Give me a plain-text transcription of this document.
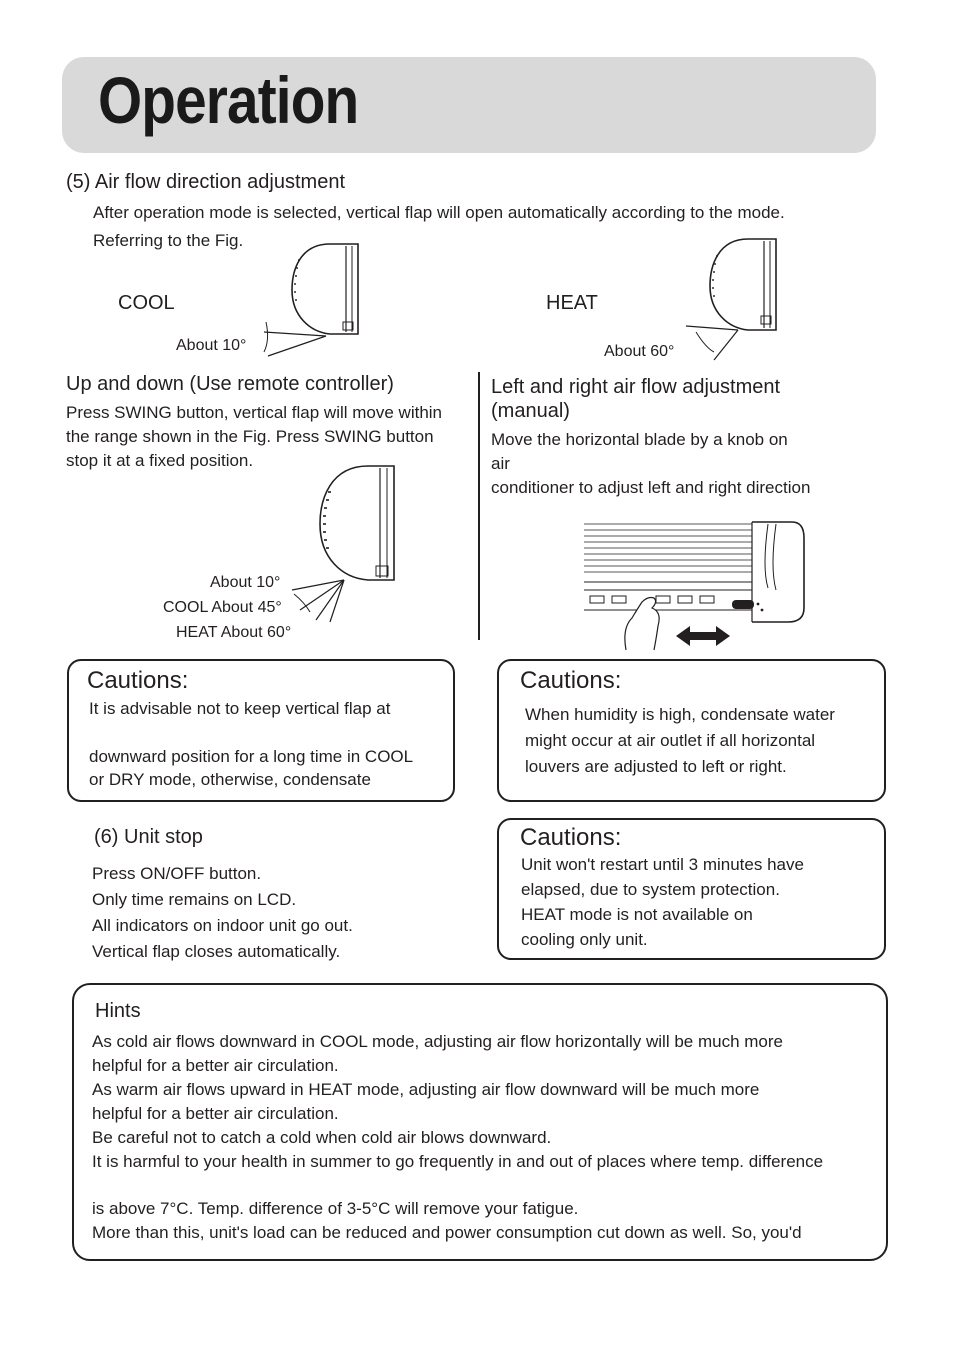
Operation
(5) Air flow direction adjustment
After operation mode is selected, vertical flap will open automatically according to the mode.
Referring to the Fig.
COOL
About 10°
HEAT
About 60°
Up and down (Use remote controller)
Press SWING button, vertical flap will move within
the range shown in the Fig. Press SWING button
stop it at a fixed position.
About 10°
COOL About 45°
HEAT About 60°
Left and right air flow adjustment
(manual)
Move the horizontal blade by a knob on
air
conditioner to adjust left and right direction
Cautions:
It is advisable not to keep vertical flap at
downward position for a long time in COOL
or DRY mode, otherwise, condensate
Cautions:
When humidity is high, condensate water
might occur at air outlet if all horizontal
louvers are adjusted to left or right.
(6) Unit stop
Press ON/OFF button.
Only time remains on LCD.
All indicators on indoor unit go out.
Vertical flap closes automatically.
Cautions:
Unit won't restart until 3 minutes have
elapsed, due to system protection.
HEAT mode is not available on
cooling only unit.
Hints
As cold air flows downward in COOL mode, adjusting air flow horizontally will be much more
helpful for a better air circulation.
As warm air flows upward in HEAT mode, adjusting air flow downward will be much more
helpful for a better air circulation.
Be careful not to catch a cold when cold air blows downward.
It is harmful to your health in summer to go frequently in and out of places where temp. difference
is above 7°C. Temp. difference of 3-5°C will remove your fatigue.
More than this, unit's load can be reduced and power consumption cut down as well. So, you'd
